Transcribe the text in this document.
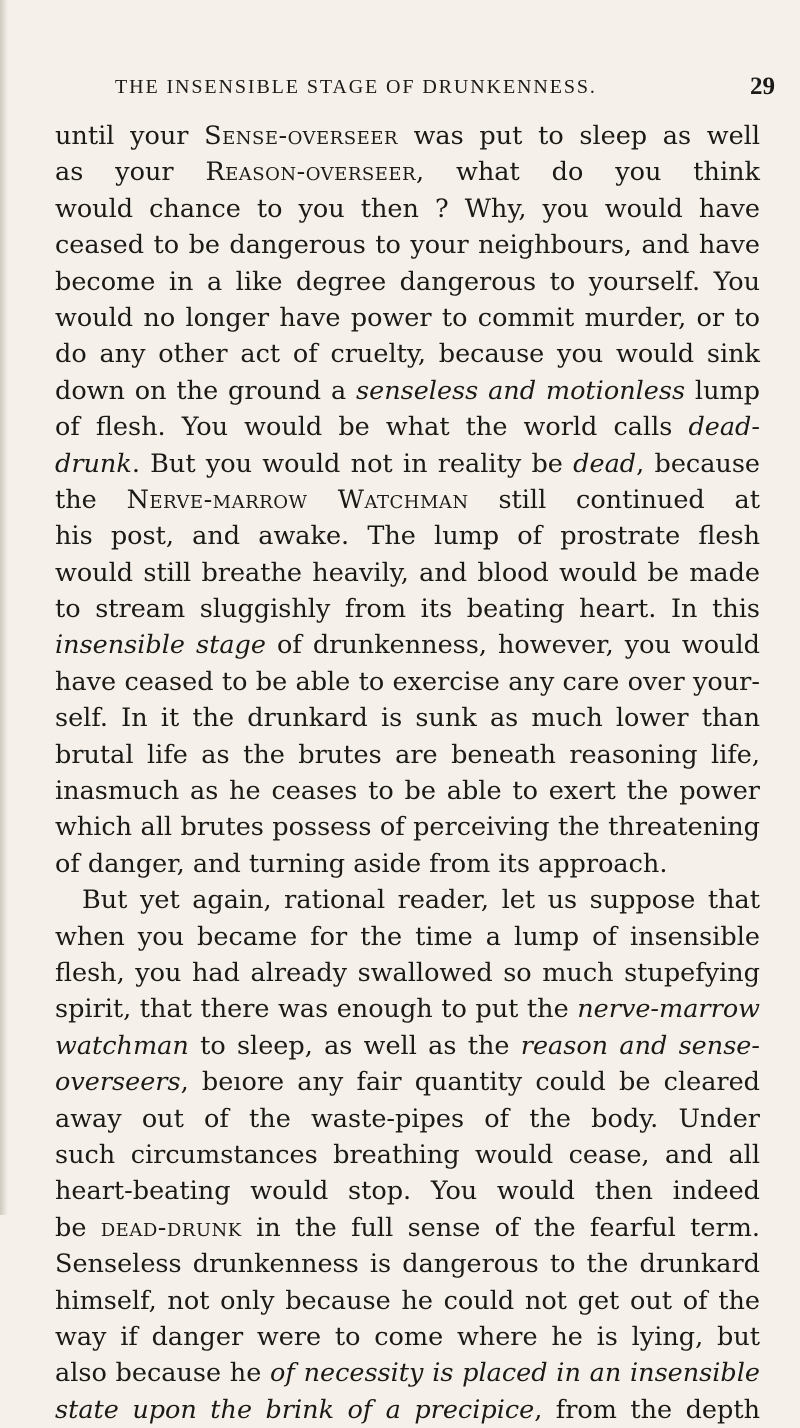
THE INSENSIBLE STAGE OF DRUNKENNESS.	29
until your Sense-overseer was put to sleep as well
as your Reason-overseer, what do you think
would chance to you then ? Why, you would have
ceased to be dangerous to your neighbours, and have
become in a like degree dangerous to yourself. You
would no longer have power to commit murder, or to
do any other act of cruelty, because you would sink
down on the ground a senseless and motionless lump
of flesh. You would be what the world calls dead-
drunk. But you would not in reality be dead, because
the Nerve-marrow Watchman still continued at
his post, and awake. The lump of prostrate flesh
would still breathe heavily, and blood would be made
to stream sluggishly from its beating heart. In this
insensible stage of drunkenness, however, you would
have ceased to be able to exercise any care over your-
self. In it the drunkard is sunk as much lower than
brutal life as the brutes are beneath reasoning life,
inasmuch as he ceases to be able to exert the power
which all brutes possess of perceiving the threatening
of danger, and turning aside from its approach.
But yet again, rational reader, let us suppose that
when you became for the time a lump of insensible
flesh, you had already swallowed so much stupefying
spirit, that there was enough to put the nerve-marrow
watchman to sleep, as well as the reason and sense-
overseers, beıore any fair quantity could be cleared
away out of the waste-pipes of the body. Under
such circumstances breathing would cease, and all
heart-beating would stop. You would then indeed
be dead-drunk in the full sense of the fearful term.
Senseless drunkenness is dangerous to the drunkard
himself, not only because he could not get out of the
way if danger were to come where he is lying, but
also because he of necessity is placed in an insensible
state upon the brink of a precipice, from the depth
